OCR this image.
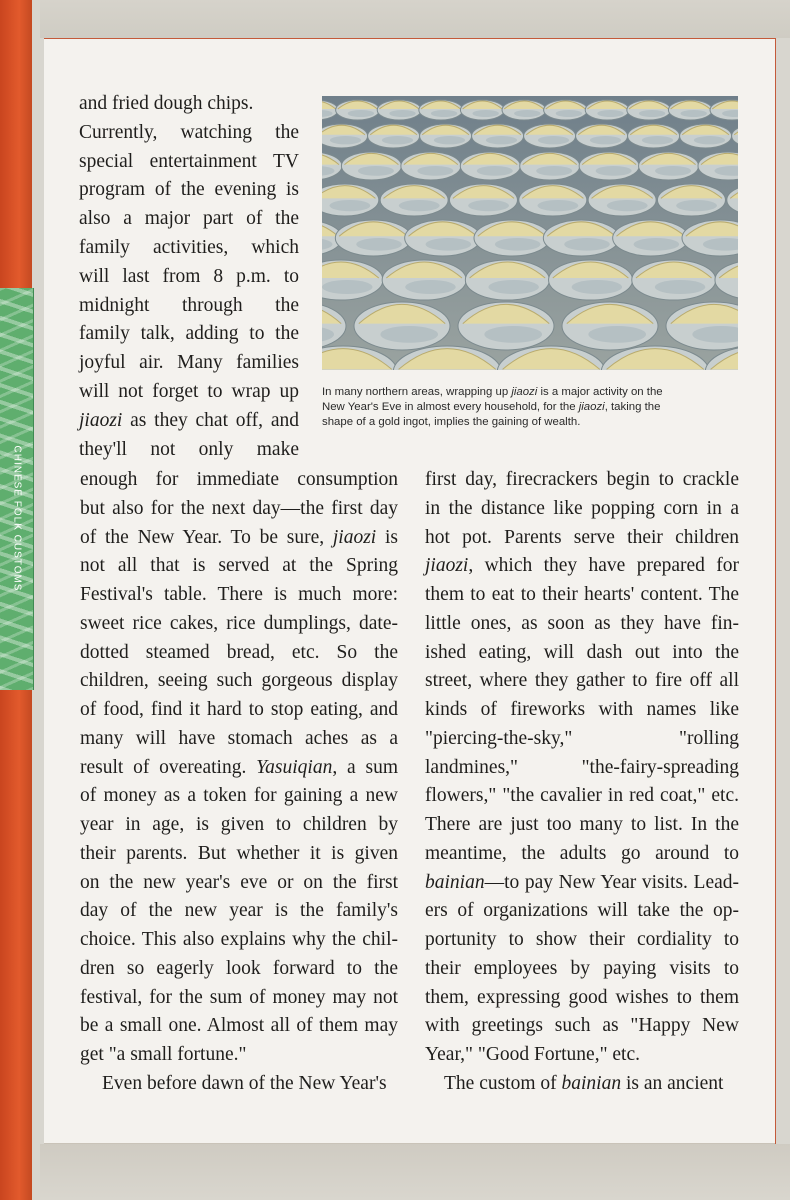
CHINESE FOLK CUSTOMS
In many northern areas, wrapping up jiaozi is a major activity on the
New Year's Eve in almost every household, for the jiaozi, taking the
shape of a gold ingot, implies the gaining of wealth.
and fried dough chips.
Currently, watching the
special entertainment TV
program of the evening is
also a major part of the
family activities, which
will last from 8 p.m. to
midnight through the
family talk, adding to the
joyful air. Many families
will not forget to wrap up
jiaozi as they chat off, and
they'll not only make
enough for immediate consumption
but also for the next day—the first day
of the New Year. To be sure, jiaozi is
not all that is served at the Spring
Festival's table. There is much more:
sweet rice cakes, rice dumplings, date-
dotted steamed bread, etc. So the
children, seeing such gorgeous display
of food, find it hard to stop eating, and
many will have stomach aches as a
result of overeating. Yasuiqian, a sum
of money as a token for gaining a new
year in age, is given to children by
their parents. But whether it is given
on the new year's eve or on the first
day of the new year is the family's
choice. This also explains why the chil-
dren so eagerly look forward to the
festival, for the sum of money may not
be a small one. Almost all of them may
get "a small fortune."
Even before dawn of the New Year's
first day, firecrackers begin to crackle
in the distance like popping corn in a
hot pot. Parents serve their children
jiaozi, which they have prepared for
them to eat to their hearts' content. The
little ones, as soon as they have fin-
ished eating, will dash out into the
street, where they gather to fire off all
kinds of fireworks with names like
"piercing-the-sky," "rolling
landmines," "the-fairy-spreading
flowers," "the cavalier in red coat," etc.
There are just too many to list. In the
meantime, the adults go around to
bainian—to pay New Year visits. Lead-
ers of organizations will take the op-
portunity to show their cordiality to
their employees by paying visits to
them, expressing good wishes to them
with greetings such as "Happy New
Year," "Good Fortune," etc.
The custom of bainian is an ancient
